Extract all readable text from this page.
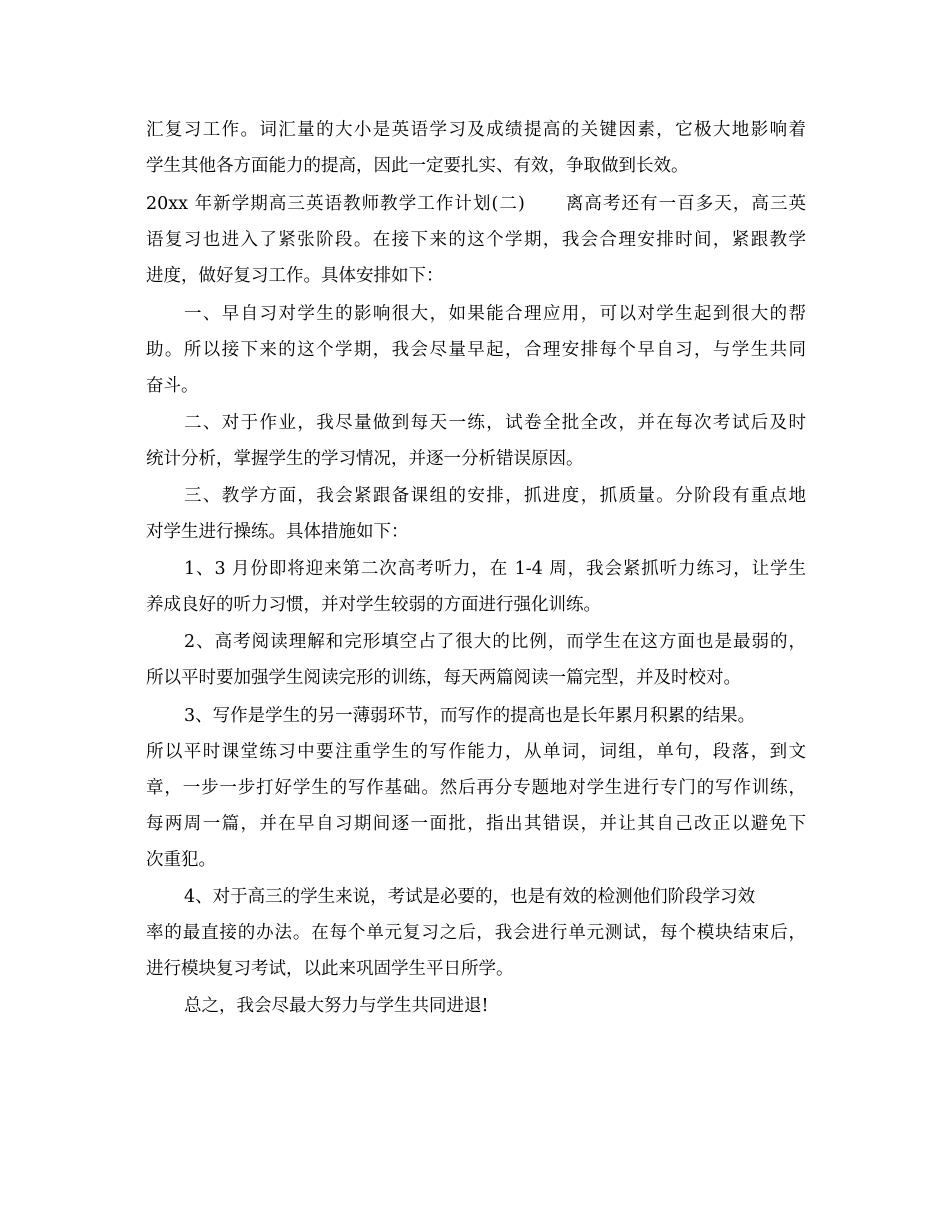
汇复习工作。词汇量的大小是英语学习及成绩提高的关键因素，它极大地影响着
学生其他各方面能力的提高，因此一定要扎实、有效，争取做到长效。
20xx 年新学期高三英语教师教学工作计划(二) 离高考还有一百多天，高三英
语复习也进入了紧张阶段。在接下来的这个学期，我会合理安排时间，紧跟教学
进度，做好复习工作。具体安排如下：
一、早自习对学生的影响很大，如果能合理应用，可以对学生起到很大的帮
助。所以接下来的这个学期，我会尽量早起，合理安排每个早自习，与学生共同
奋斗。
二、对于作业，我尽量做到每天一练，试卷全批全改，并在每次考试后及时
统计分析，掌握学生的学习情况，并逐一分析错误原因。
三、教学方面，我会紧跟备课组的安排，抓进度，抓质量。分阶段有重点地
对学生进行操练。具体措施如下：
1、3 月份即将迎来第二次高考听力，在 1-4 周，我会紧抓听力练习，让学生
养成良好的听力习惯，并对学生较弱的方面进行强化训练。
2、高考阅读理解和完形填空占了很大的比例，而学生在这方面也是最弱的，
所以平时要加强学生阅读完形的训练，每天两篇阅读一篇完型，并及时校对。
3、写作是学生的另一薄弱环节，而写作的提高也是长年累月积累的结果。
所以平时课堂练习中要注重学生的写作能力，从单词，词组，单句，段落，到文
章，一步一步打好学生的写作基础。然后再分专题地对学生进行专门的写作训练，
每两周一篇，并在早自习期间逐一面批，指出其错误，并让其自己改正以避免下
次重犯。
4、对于高三的学生来说，考试是必要的，也是有效的检测他们阶段学习效
率的最直接的办法。在每个单元复习之后，我会进行单元测试，每个模块结束后，
进行模块复习考试，以此来巩固学生平日所学。
总之，我会尽最大努力与学生共同进退!
